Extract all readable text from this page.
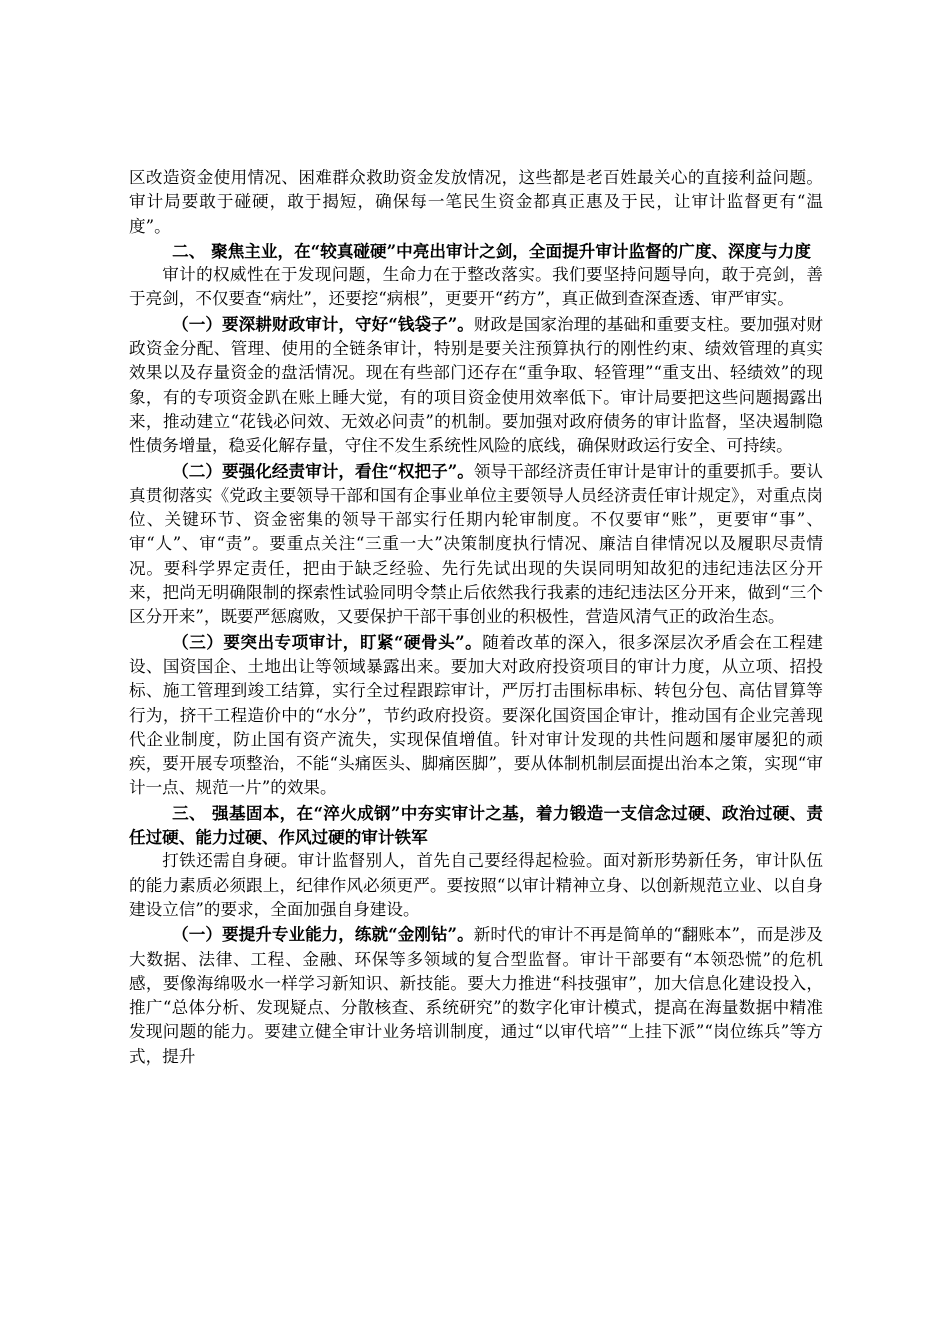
区改造资金使用情况、困难群众救助资金发放情况，这些都是老百姓最关心的直接利益问题。审计局要敢于碰硬，敢于揭短，确保每一笔民生资金都真正惠及于民，让审计监督更有“温度”。

二、 聚焦主业，在“较真碰硬”中亮出审计之剑，全面提升审计监督的广度、深度与力度

审计的权威性在于发现问题，生命力在于整改落实。我们要坚持问题导向，敢于亮剑，善于亮剑，不仅要查“病灶”，还要挖“病根”，更要开“药方”，真正做到查深查透、审严审实。

（一）要深耕财政审计，守好“钱袋子”。财政是国家治理的基础和重要支柱。要加强对财政资金分配、管理、使用的全链条审计，特别是要关注预算执行的刚性约束、绩效管理的真实效果以及存量资金的盘活情况。现在有些部门还存在“重争取、轻管理”“重支出、轻绩效”的现象，有的专项资金趴在账上睡大觉，有的项目资金使用效率低下。审计局要把这些问题揭露出来，推动建立“花钱必问效、无效必问责”的机制。要加强对政府债务的审计监督，坚决遏制隐性债务增量，稳妥化解存量，守住不发生系统性风险的底线，确保财政运行安全、可持续。

（二）要强化经责审计，看住“权把子”。领导干部经济责任审计是审计的重要抓手。要认真贯彻落实《党政主要领导干部和国有企事业单位主要领导人员经济责任审计规定》，对重点岗位、关键环节、资金密集的领导干部实行任期内轮审制度。不仅要审“账”，更要审“事”、审“人”、审“责”。要重点关注“三重一大”决策制度执行情况、廉洁自律情况以及履职尽责情况。要科学界定责任，把由于缺乏经验、先行先试出现的失误同明知故犯的违纪违法区分开来，把尚无明确限制的探索性试验同明令禁止后依然我行我素的违纪违法区分开来，做到“三个区分开来”，既要严惩腐败，又要保护干部干事创业的积极性，营造风清气正的政治生态。

（三）要突出专项审计，盯紧“硬骨头”。随着改革的深入，很多深层次矛盾会在工程建设、国资国企、土地出让等领域暴露出来。要加大对政府投资项目的审计力度，从立项、招投标、施工管理到竣工结算，实行全过程跟踪审计，严厉打击围标串标、转包分包、高估冒算等行为，挤干工程造价中的“水分”，节约政府投资。要深化国资国企审计，推动国有企业完善现代企业制度，防止国有资产流失，实现保值增值。针对审计发现的共性问题和屡审屡犯的顽疾，要开展专项整治，不能“头痛医头、脚痛医脚”，要从体制机制层面提出治本之策，实现“审计一点、规范一片”的效果。

三、 强基固本，在“淬火成钢”中夯实审计之基，着力锻造一支信念过硬、政治过硬、责任过硬、能力过硬、作风过硬的审计铁军

打铁还需自身硬。审计监督别人，首先自己要经得起检验。面对新形势新任务，审计队伍的能力素质必须跟上，纪律作风必须更严。要按照“以审计精神立身、以创新规范立业、以自身建设立信”的要求，全面加强自身建设。

（一）要提升专业能力，练就“金刚钻”。新时代的审计不再是简单的“翻账本”，而是涉及大数据、法律、工程、金融、环保等多领域的复合型监督。审计干部要有“本领恐慌”的危机感，要像海绵吸水一样学习新知识、新技能。要大力推进“科技强审”，加大信息化建设投入，推广“总体分析、发现疑点、分散核查、系统研究”的数字化审计模式，提高在海量数据中精准发现问题的能力。要建立健全审计业务培训制度，通过“以审代培”“上挂下派”“岗位练兵”等方式，提升
